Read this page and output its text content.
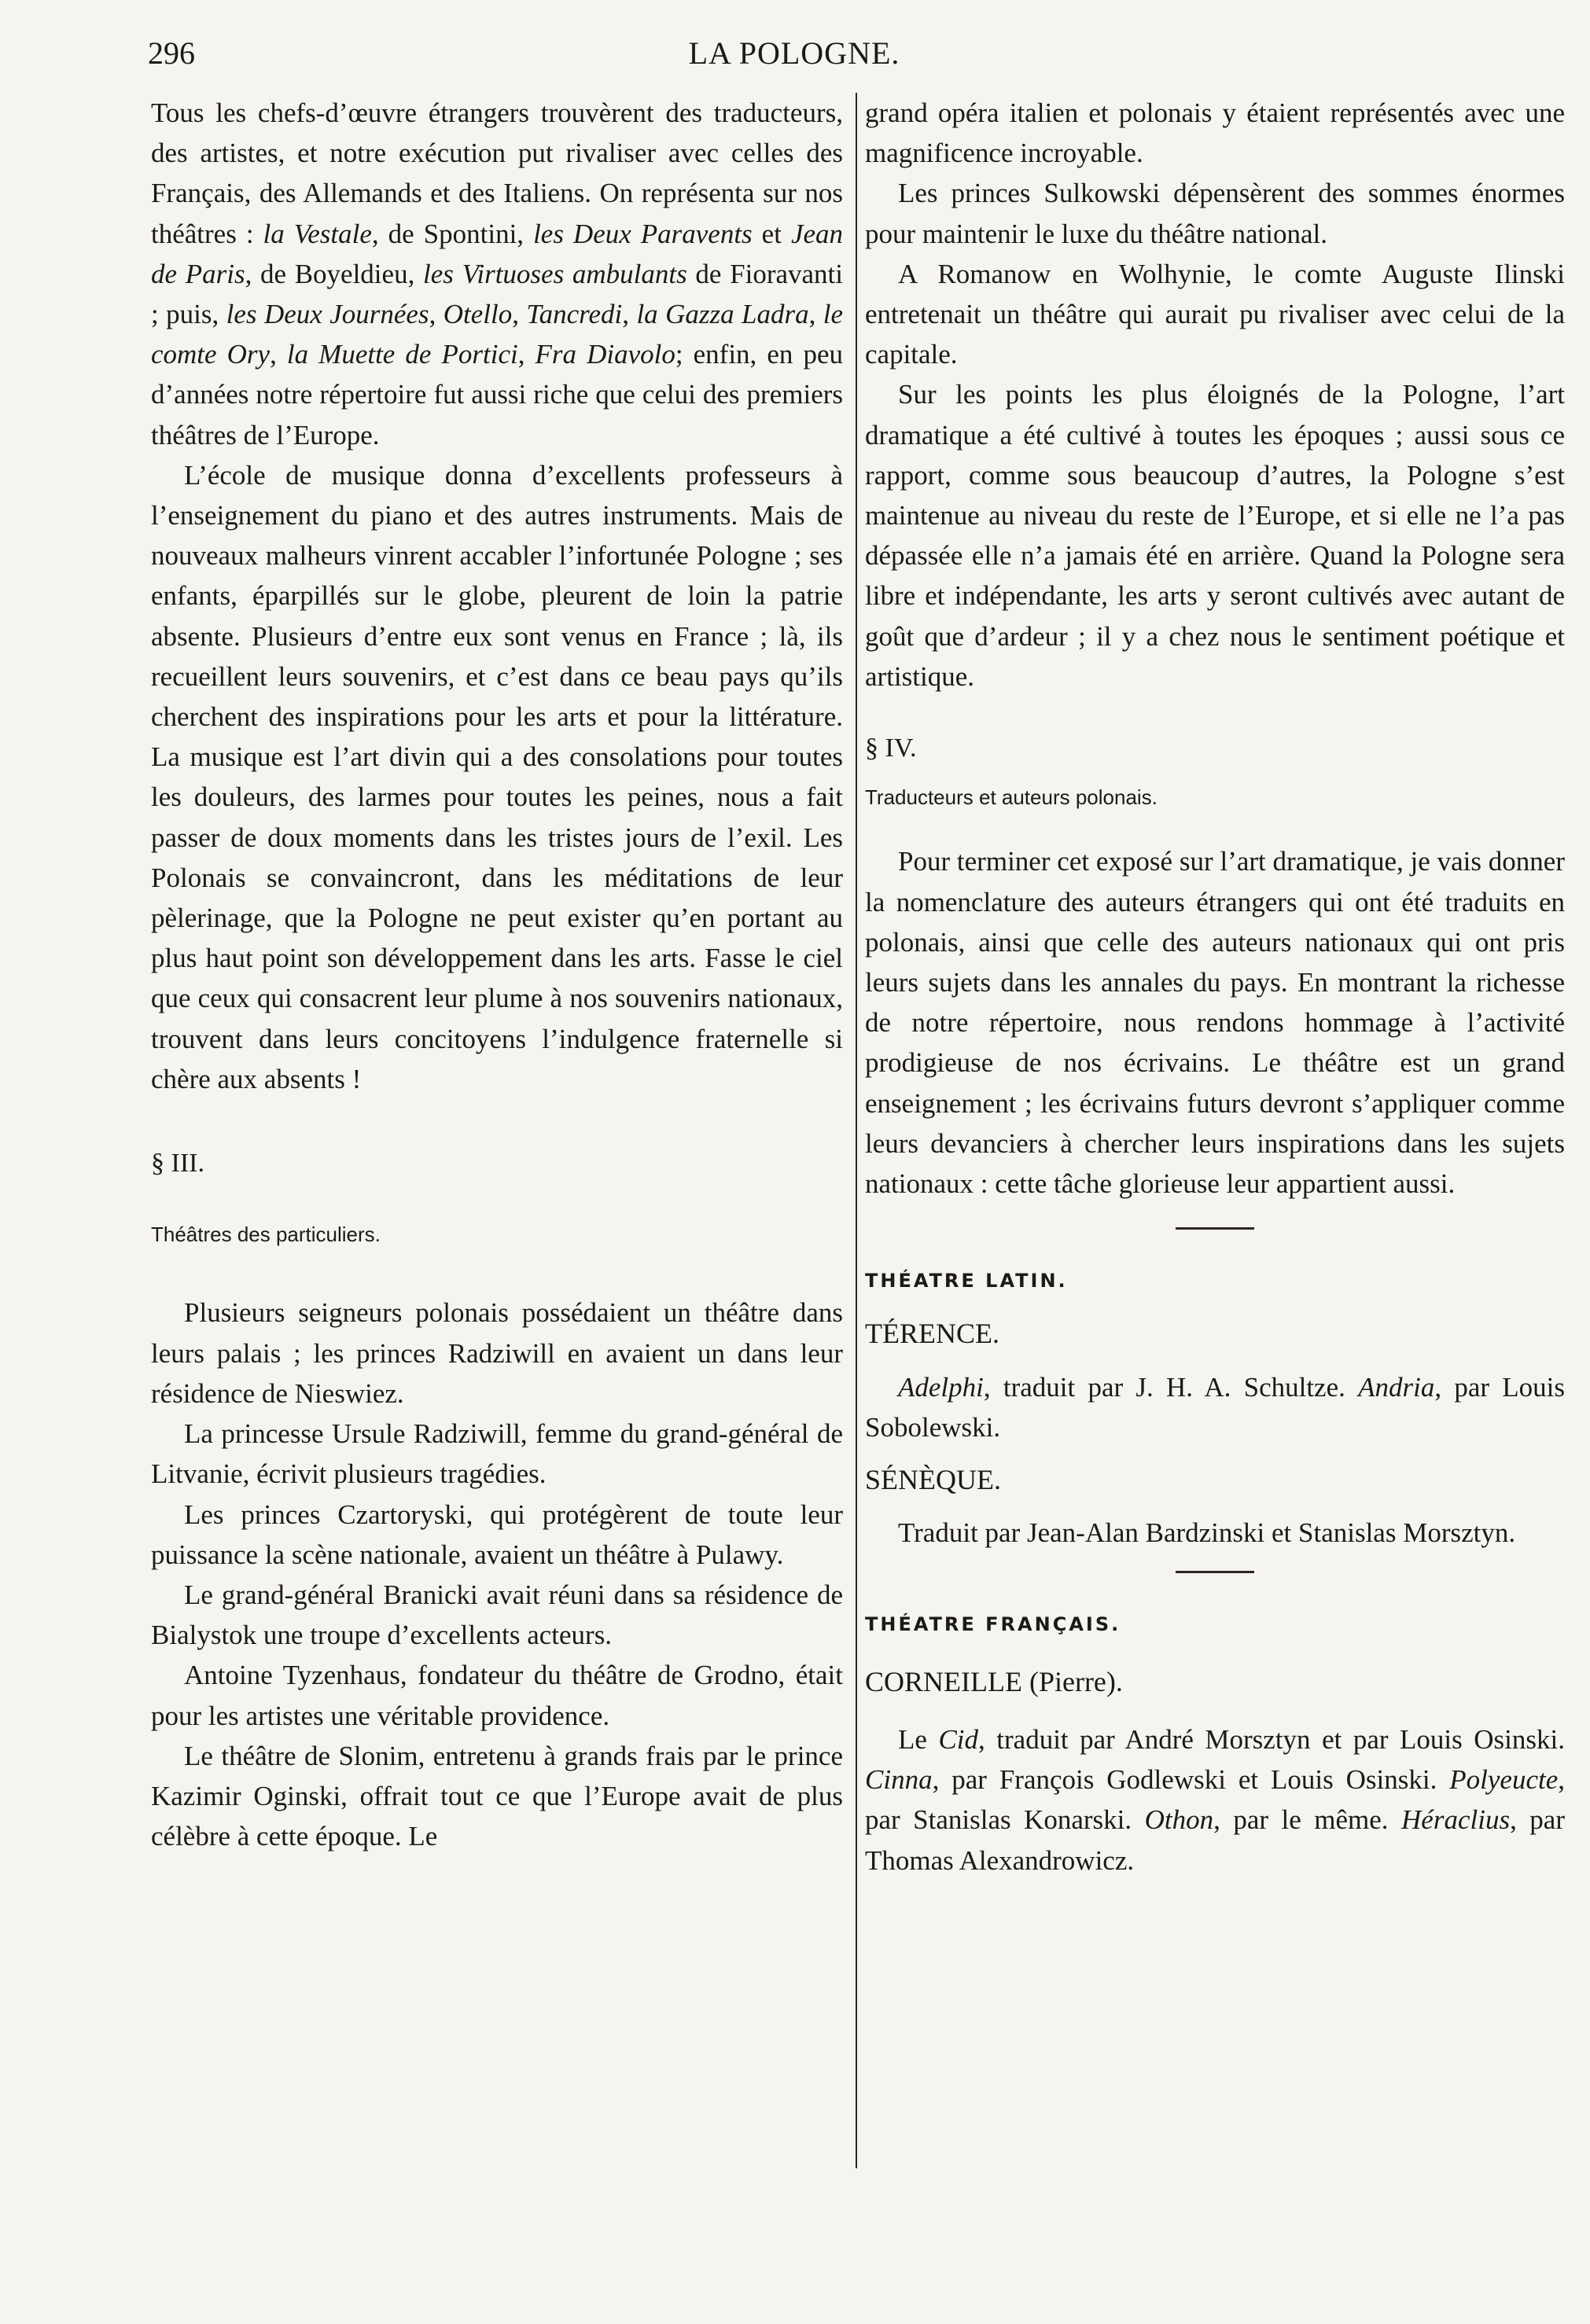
296	LA POLOGNE.

Tous les chefs-d’œuvre étrangers trouvèrent des traducteurs, des artistes, et notre exécution put rivaliser avec celles des Français, des Allemands et des Italiens. On représenta sur nos théâtres : la Vestale, de Spontini, les Deux Paravents et Jean de Paris, de Boyeldieu, les Virtuoses ambulants de Fioravanti ; puis, les Deux Journées, Otello, Tancredi, la Gazza Ladra, le comte Ory, la Muette de Portici, Fra Diavolo; enfin, en peu d’années notre répertoire fut aussi riche que celui des premiers théâtres de l’Europe.

L’école de musique donna d’excellents professeurs à l’enseignement du piano et des autres instruments. Mais de nouveaux malheurs vinrent accabler l’infortunée Pologne ; ses enfants, éparpillés sur le globe, pleurent de loin la patrie absente. Plusieurs d’entre eux sont venus en France ; là, ils recueillent leurs souvenirs, et c’est dans ce beau pays qu’ils cherchent des inspirations pour les arts et pour la littérature. La musique est l’art divin qui a des consolations pour toutes les douleurs, des larmes pour toutes les peines, nous a fait passer de doux moments dans les tristes jours de l’exil. Les Polonais se convaincront, dans les méditations de leur pèlerinage, que la Pologne ne peut exister qu’en portant au plus haut point son développement dans les arts. Fasse le ciel que ceux qui consacrent leur plume à nos souvenirs nationaux, trouvent dans leurs concitoyens l’indulgence fraternelle si chère aux absents !

§ III.

Théâtres des particuliers.

Plusieurs seigneurs polonais possédaient un théâtre dans leurs palais ; les princes Radziwill en avaient un dans leur résidence de Nieswiez.

La princesse Ursule Radziwill, femme du grand-général de Litvanie, écrivit plusieurs tragédies.

Les princes Czartoryski, qui protégèrent de toute leur puissance la scène nationale, avaient un théâtre à Pulawy.

Le grand-général Branicki avait réuni dans sa résidence de Bialystok une troupe d’excellents acteurs.

Antoine Tyzenhaus, fondateur du théâtre de Grodno, était pour les artistes une véritable providence.

Le théâtre de Slonim, entretenu à grands frais par le prince Kazimir Oginski, offrait tout ce que l’Europe avait de plus célèbre à cette époque. Le

grand opéra italien et polonais y étaient représentés avec une magnificence incroyable.

Les princes Sulkowski dépensèrent des sommes énormes pour maintenir le luxe du théâtre national.

A Romanow en Wolhynie, le comte Auguste Ilinski entretenait un théâtre qui aurait pu rivaliser avec celui de la capitale.

Sur les points les plus éloignés de la Pologne, l’art dramatique a été cultivé à toutes les époques ; aussi sous ce rapport, comme sous beaucoup d’autres, la Pologne s’est maintenue au niveau du reste de l’Europe, et si elle ne l’a pas dépassée elle n’a jamais été en arrière. Quand la Pologne sera libre et indépendante, les arts y seront cultivés avec autant de goût que d’ardeur ; il y a chez nous le sentiment poétique et artistique.

§ IV.

Traducteurs et auteurs polonais.

Pour terminer cet exposé sur l’art dramatique, je vais donner la nomenclature des auteurs étrangers qui ont été traduits en polonais, ainsi que celle des auteurs nationaux qui ont pris leurs sujets dans les annales du pays. En montrant la richesse de notre répertoire, nous rendons hommage à l’activité prodigieuse de nos écrivains. Le théâtre est un grand enseignement ; les écrivains futurs devront s’appliquer comme leurs devanciers à chercher leurs inspirations dans les sujets nationaux : cette tâche glorieuse leur appartient aussi.

THÉATRE LATIN.

TÉRENCE.

Adelphi, traduit par J. H. A. Schultze. Andria, par Louis Sobolewski.

SÉNÈQUE.

Traduit par Jean-Alan Bardzinski et Stanislas Morsztyn.

THÉATRE FRANÇAIS.

CORNEILLE (Pierre).

Le Cid, traduit par André Morsztyn et par Louis Osinski. Cinna, par François Godlewski et Louis Osinski. Polyeucte, par Stanislas Konarski. Othon, par le même. Héraclius, par Thomas Alexandrowicz.
